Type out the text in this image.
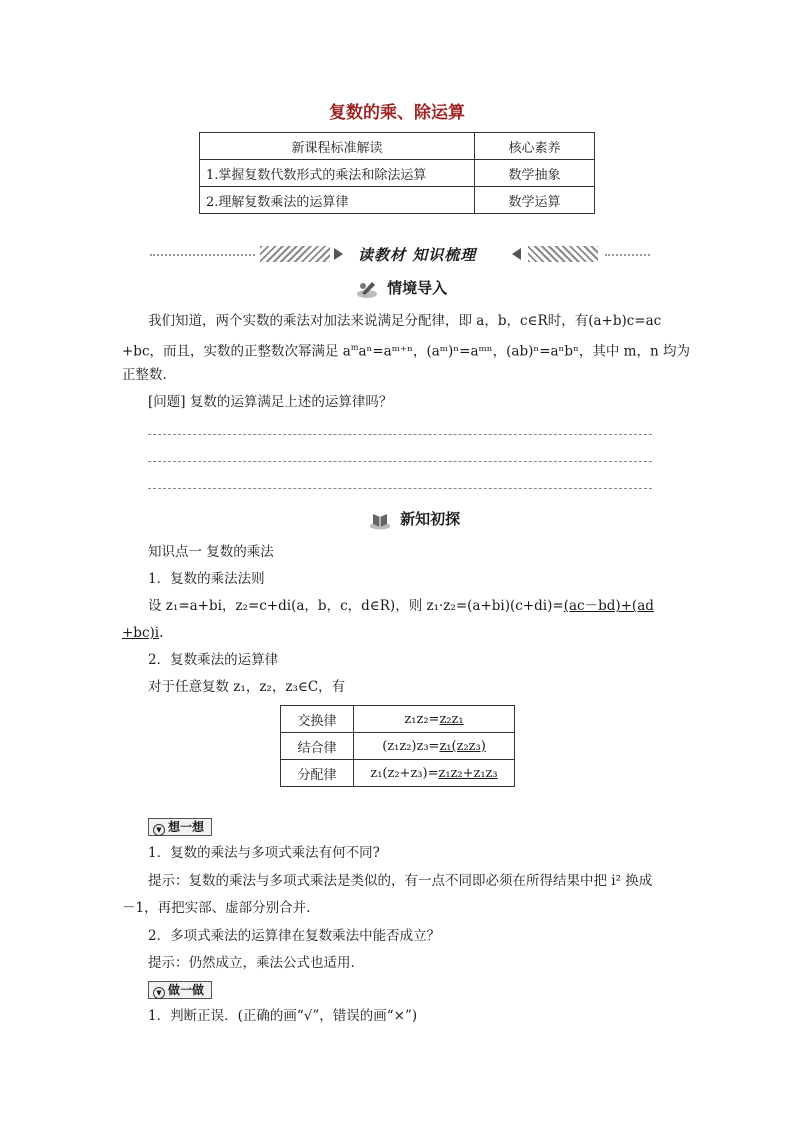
复数的乘、除运算
新课程标准解读	核心素养
1.掌握复数代数形式的乘法和除法运算	数学抽象
2.理解复数乘法的运算律	数学运算
读教材 知识梳理
情境导入

我们知道，两个实数的乘法对加法来说满足分配律，即 a，b，c∈R时，有(a+b)c=ac

+bc，而且，实数的正整数次幂满足 $a^ma^n=aᵐ^{+n}$，(aᵐ)ⁿ=aᵐⁿ，(ab)ⁿ=aⁿbⁿ，其中 m，n 均为

正整数.

[问题] 复数的运算满足上述的运算律吗？

新知初探

知识点一 复数的乘法

1．复数的乘法法则

设 z₁=a+bi，z₂=c+di(a，b，c，d∈R)，则 z₁·z₂=(a+bi)(c+di)=(ac－bd)+(ad

+bc)i.

2．复数乘法的运算律

对于任意复数 z₁，z₂，z₃∈C，有

交换律	z₁z₂=z₂z₁
结合律	(z₁z₂)z₃=z₁(z₂z₃)
分配律	z₁(z₂+z₃)=z₁z₂+z₁z₃
▼ 想一想

1．复数的乘法与多项式乘法有何不同?

提示：复数的乘法与多项式乘法是类似的，有一点不同即必须在所得结果中把 i² 换成

－1，再把实部、虚部分别合并.

2．多项式乘法的运算律在复数乘法中能否成立？

提示：仍然成立，乘法公式也适用.

▼ 做一做

1．判断正误．(正确的画“√”，错误的画“×”)
